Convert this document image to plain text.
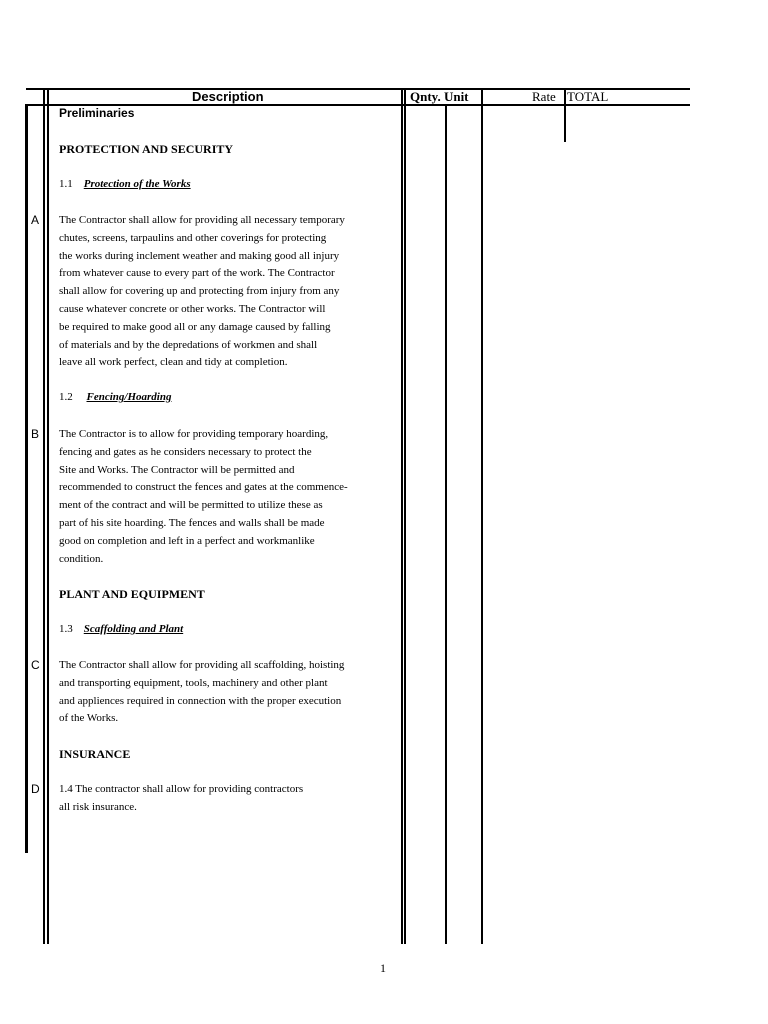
Description	Qnty. Unit	Rate TOTAL
Preliminaries
PROTECTION AND SECURITY
1.1 Protection of the Works
A The Contractor shall allow for providing all necessary temporary
chutes, screens, tarpaulins and other coverings for protecting
the works during inclement weather and making good all injury
from whatever cause to every part of the work. The Contractor
shall allow for covering up and protecting from injury from any
cause whatever concrete or other works. The Contractor will
be required to make good all or any damage caused by falling
of materials and by the depredations of workmen and shall
leave all work perfect, clean and tidy at completion.
1.2 Fencing/Hoarding
B The Contractor is to allow for providing temporary hoarding,
fencing and gates as he considers necessary to protect the
Site and Works. The Contractor will be permitted and
recommended to construct the fences and gates at the commence-
ment of the contract and will be permitted to utilize these as
part of his site hoarding. The fences and walls shall be made
good on completion and left in a perfect and workmanlike
condition.
PLANT AND EQUIPMENT
1.3 Scaffolding and Plant
C The Contractor shall allow for providing all scaffolding, hoisting
and transporting equipment, tools, machinery and other plant
and appliences required in connection with the proper execution
of the Works.
INSURANCE
D 1.4 The contractor shall allow for providing contractors
all risk insurance.
1
